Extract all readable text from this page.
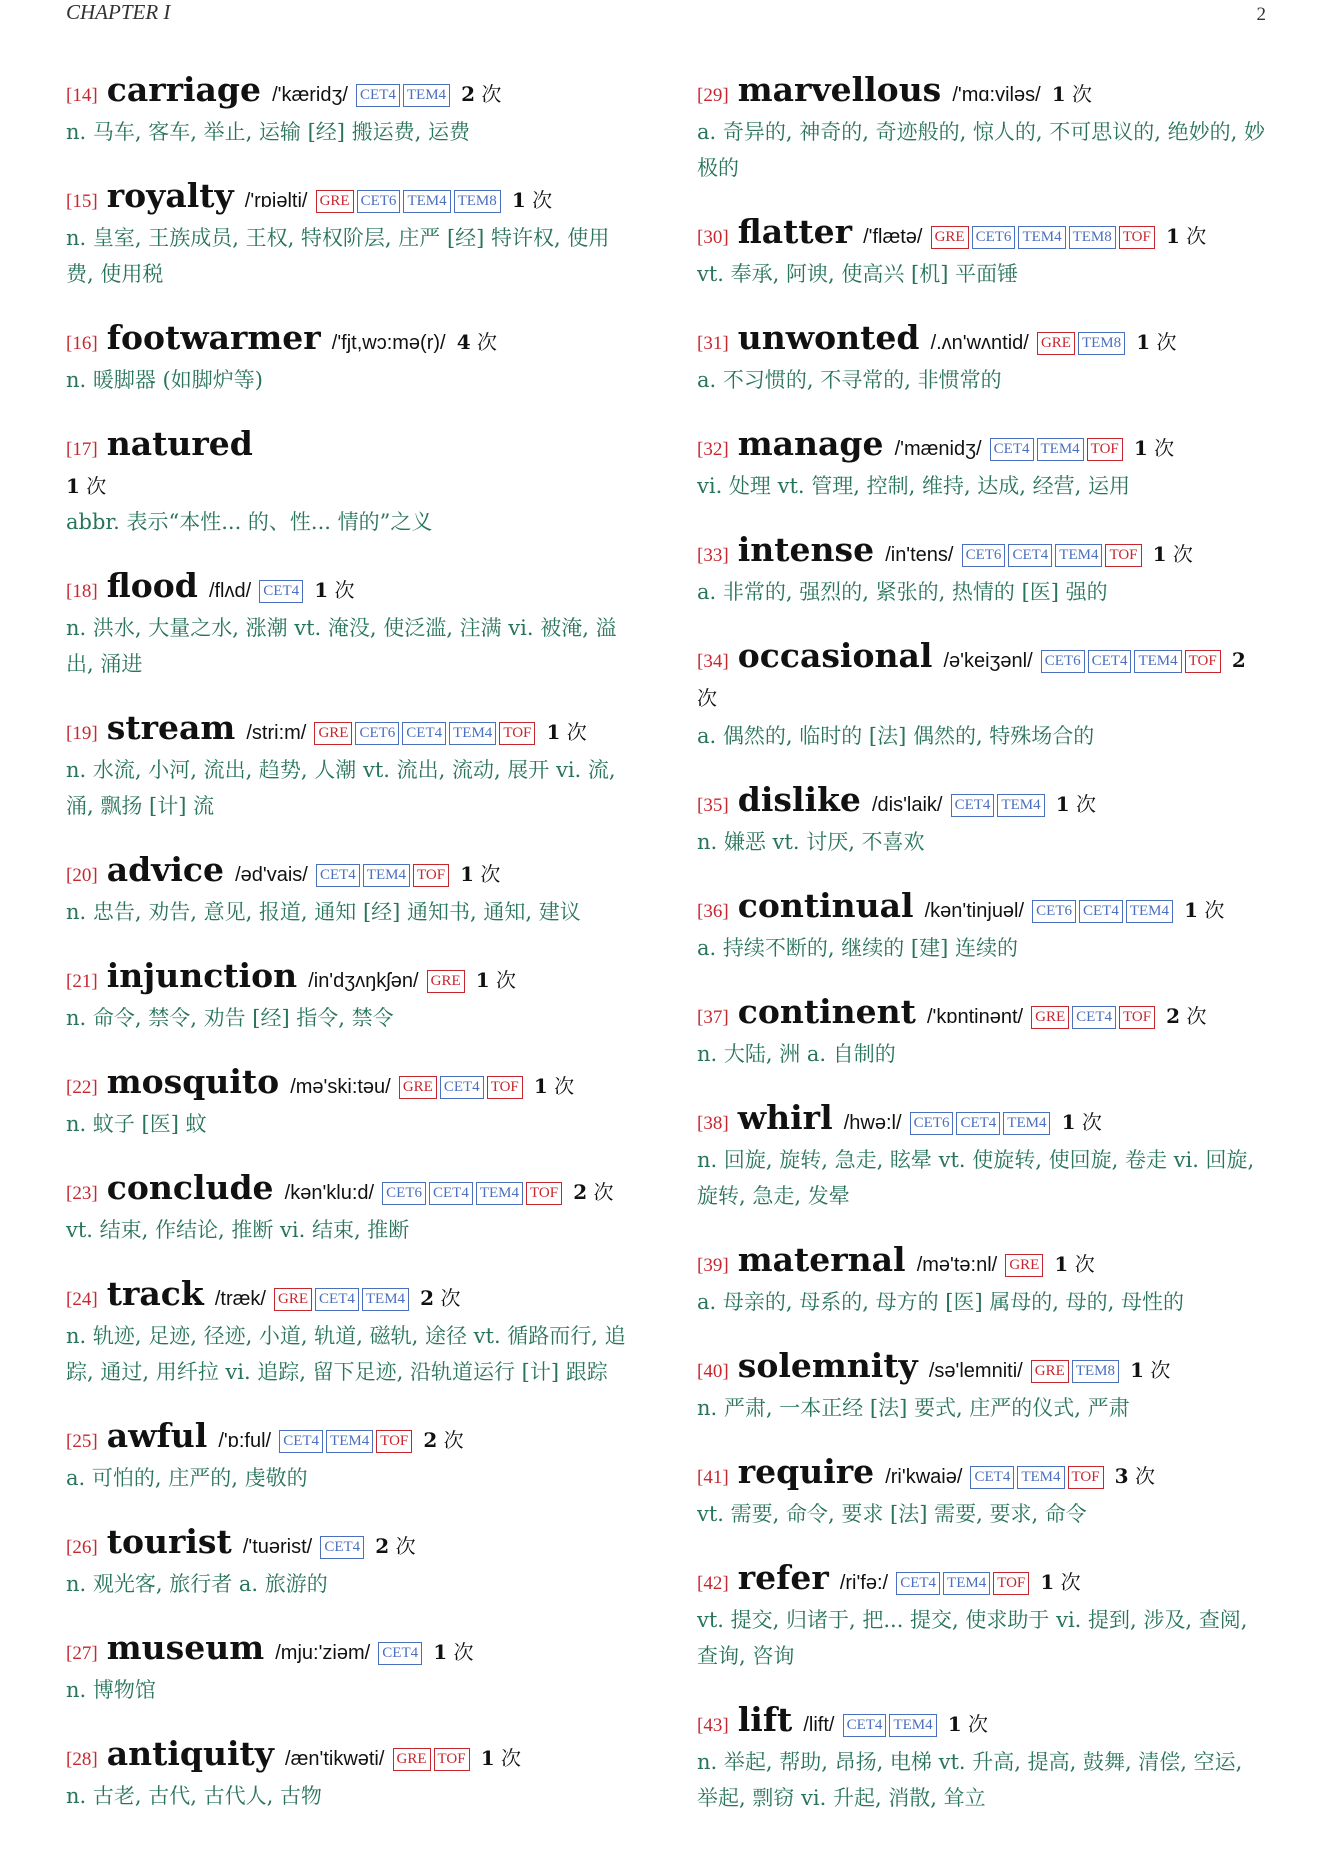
CHAPTER I	2
[14] carriage /'kæridʒ/ CET4 TEM4 2 次
n. 马车, 客车, 举止, 运输 [经] 搬运费, 运费
[15] royalty /'rɒiəlti/ GRE CET6 TEM4 TEM8 1 次
n. 皇室, 王族成员, 王权, 特权阶层, 庄严 [经] 特许权, 使用费, 使用税
[16] footwarmer /'fjt,wɔ:mə(r)/ 4 次
n. 暖脚器 (如脚炉等)
[17] natured
1 次
abbr. 表示“本性... 的、性... 情的”之义
[18] flood /flʌd/ CET4 1 次
n. 洪水, 大量之水, 涨潮 vt. 淹没, 使泛滥, 注满 vi. 被淹, 溢出, 涌进
[19] stream /stri:m/ GRE CET6 CET4 TEM4 TOF 1 次
n. 水流, 小河, 流出, 趋势, 人潮 vt. 流出, 流动, 展开 vi. 流, 涌, 飘扬 [计] 流
[20] advice /əd'vais/ CET4 TEM4 TOF 1 次
n. 忠告, 劝告, 意见, 报道, 通知 [经] 通知书, 通知, 建议
[21] injunction /in'dʒʌŋkʃən/ GRE 1 次
n. 命令, 禁令, 劝告 [经] 指令, 禁令
[22] mosquito /mə'ski:təu/ GRE CET4 TOF 1 次
n. 蚊子 [医] 蚊
[23] conclude /kən'klu:d/ CET6 CET4 TEM4 TOF 2 次
vt. 结束, 作结论, 推断 vi. 结束, 推断
[24] track /træk/ GRE CET4 TEM4 2 次
n. 轨迹, 足迹, 径迹, 小道, 轨道, 磁轨, 途径 vt. 循路而行, 追踪, 通过, 用纤拉 vi. 追踪, 留下足迹, 沿轨道运行 [计] 跟踪
[25] awful /'ɒ:ful/ CET4 TEM4 TOF 2 次
a. 可怕的, 庄严的, 虔敬的
[26] tourist /'tuərist/ CET4 2 次
n. 观光客, 旅行者 a. 旅游的
[27] museum /mju:'ziəm/ CET4 1 次
n. 博物馆
[28] antiquity /æn'tikwəti/ GRE TOF 1 次
n. 古老, 古代, 古代人, 古物
[29] marvellous /'mɑ:viləs/ 1 次
a. 奇异的, 神奇的, 奇迹般的, 惊人的, 不可思议的, 绝妙的, 妙极的
[30] flatter /'flætə/ GRE CET6 TEM4 TEM8 TOF 1 次
vt. 奉承, 阿谀, 使高兴 [机] 平面锤
[31] unwonted /.ʌn'wʌntid/ GRE TEM8 1 次
a. 不习惯的, 不寻常的, 非惯常的
[32] manage /'mænidʒ/ CET4 TEM4 TOF 1 次
vi. 处理 vt. 管理, 控制, 维持, 达成, 经营, 运用
[33] intense /in'tens/ CET6 CET4 TEM4 TOF 1 次
a. 非常的, 强烈的, 紧张的, 热情的 [医] 强的
[34] occasional /ə'keiʒənl/ CET6 CET4 TEM4 TOF 2 次
a. 偶然的, 临时的 [法] 偶然的, 特殊场合的
[35] dislike /dis'laik/ CET4 TEM4 1 次
n. 嫌恶 vt. 讨厌, 不喜欢
[36] continual /kən'tinjuəl/ CET6 CET4 TEM4 1 次
a. 持续不断的, 继续的 [建] 连续的
[37] continent /'kɒntinənt/ GRE CET4 TOF 2 次
n. 大陆, 洲 a. 自制的
[38] whirl /hwə:l/ CET6 CET4 TEM4 1 次
n. 回旋, 旋转, 急走, 眩晕 vt. 使旋转, 使回旋, 卷走 vi. 回旋, 旋转, 急走, 发晕
[39] maternal /mə'tə:nl/ GRE 1 次
a. 母亲的, 母系的, 母方的 [医] 属母的, 母的, 母性的
[40] solemnity /sə'lemniti/ GRE TEM8 1 次
n. 严肃, 一本正经 [法] 要式, 庄严的仪式, 严肃
[41] require /ri'kwaiə/ CET4 TEM4 TOF 3 次
vt. 需要, 命令, 要求 [法] 需要, 要求, 命令
[42] refer /ri'fə:/ CET4 TEM4 TOF 1 次
vt. 提交, 归诸于, 把... 提交, 使求助于 vi. 提到, 涉及, 查阅, 查询, 咨询
[43] lift /lift/ CET4 TEM4 1 次
n. 举起, 帮助, 昂扬, 电梯 vt. 升高, 提高, 鼓舞, 清偿, 空运, 举起, 剽窃 vi. 升起, 消散, 耸立
